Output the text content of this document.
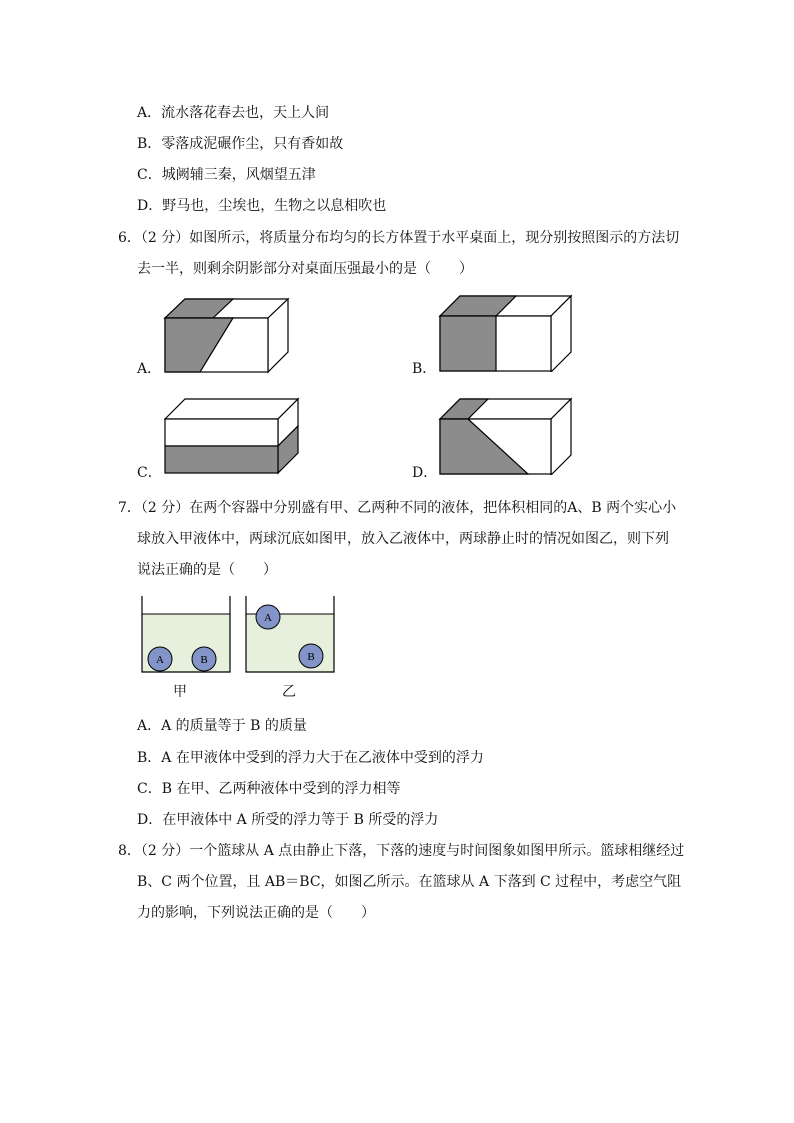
A．流水落花春去也，天上人间
B．零落成泥碾作尘，只有香如故
C．城阙辅三秦，风烟望五津
D．野马也，尘埃也，生物之以息相吹也
6．（2 分）如图所示，将质量分布均匀的长方体置于水平桌面上，现分别按照图示的方法切
去一半，则剩余阴影部分对桌面压强最小的是（　　）
A．	B．
C．	D．
7．（2 分）在两个容器中分别盛有甲、乙两种不同的液体，把体积相同的A、B 两个实心小
球放入甲液体中，两球沉底如图甲，放入乙液体中，两球静止时的情况如图乙，则下列
说法正确的是（　　）
A	B
甲
A
B
乙
A．A 的质量等于 B 的质量
B．A 在甲液体中受到的浮力大于在乙液体中受到的浮力
C．B 在甲、乙两种液体中受到的浮力相等
D．在甲液体中 A 所受的浮力等于 B 所受的浮力
8．（2 分）一个篮球从 A 点由静止下落，下落的速度与时间图象如图甲所示。篮球相继经过
B、C 两个位置，且 AB＝BC，如图乙所示。在篮球从 A 下落到 C 过程中，考虑空气阻
力的影响，下列说法正确的是（　　）
